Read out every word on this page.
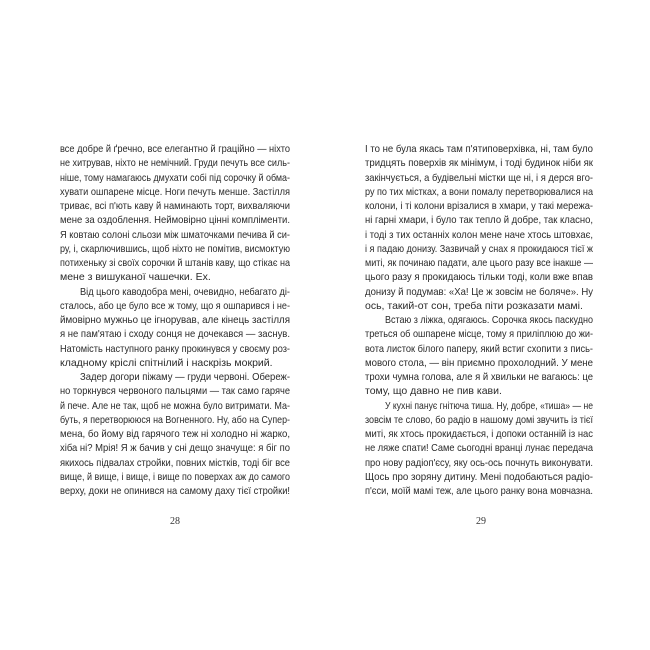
все добре й ґречно, все елегантно й граційно — ніхто
не хитрував, ніхто не немічний. Груди печуть все силь-
ніше, тому намагаюсь дмухати собі під сорочку й обма-
хувати ошпарене місце. Ноги печуть менше. Застілля
триває, всі п'ють каву й наминають торт, вихваляючи
мене за оздоблення. Неймовірно цінні компліменти.
Я ковтаю солоні сльози між шматочками печива й си-
ру, і, скарлючившись, щоб ніхто не помітив, висмоктую
потихеньку зі своїх сорочки й штанів каву, що стікає на
мене з вишуканої чашечки. Ех.
Від цього каводобра мені, очевидно, небагато ді-
сталось, або це було все ж тому, що я ошпарився і не-
ймовірно мужньо це ігнорував, але кінець застілля
я не пам'ятаю і сходу сонця не дочекався — заснув.
Натомість наступного ранку прокинувся у своєму роз-
кладному кріслі спітнілий і наскрізь мокрий.
Задер догори піжаму — груди червоні. Обереж-
но торкнувся червоного пальцями — так само гаряче
й пече. Але не так, щоб не можна було витримати. Ма-
буть, я перетворююся на Вогненного. Ну, або на Супер-
мена, бо йому від гарячого теж ні холодно ні жарко,
хіба ні? Мрія! Я ж бачив у сні дещо значуще: я біг по
якихось підвалах стройки, повних містків, тоді біг все
вище, й вище, і вище, і вище по поверхах аж до самого
верху, доки не опинився на самому даху тієї стройки!
І то не була якась там п'ятиповерхівка, ні, там було
тридцять поверхів як мінімум, і тоді будинок ніби як
закінчується, а будівельні містки ще ні, і я дерся вго-
ру по тих містках, а вони помалу перетворювалися на
колони, і ті колони врізалися в хмари, у такі мережа-
ні гарні хмари, і було так тепло й добре, так класно,
і тоді з тих останніх колон мене наче хтось штовхає,
і я падаю донизу. Зазвичай у снах я прокидаюся тієї ж
миті, як починаю падати, але цього разу все інакше —
цього разу я прокидаюсь тільки тоді, коли вже впав
донизу й подумав: «Ха! Це ж зовсім не боляче». Ну
ось, такий-от сон, треба піти розказати мамі.
Встаю з ліжка, одягаюсь. Сорочка якось паскудно
треться об ошпарене місце, тому я приліплюю до жи-
вота листок білого паперу, який встиг схопити з пись-
мового стола, — він приємно прохолодний. У мене
трохи чумна голова, але я й хвильки не вагаюсь: це
тому, що давно не пив кави.
У кухні панує гнітюча тиша. Ну, добре, «тиша» — не
зовсім те слово, бо радіо в нашому домі звучить із тієї
миті, як хтось прокидається, і допоки останній із нас
не ляже спати! Саме сьогодні вранці лунає передача
про нову радіоп'єсу, яку ось-ось почнуть виконувати.
Щось про зоряну дитину. Мені подобаються радіо-
п'єси, моїй мамі теж, але цього ранку вона мовчазна.
28	29
